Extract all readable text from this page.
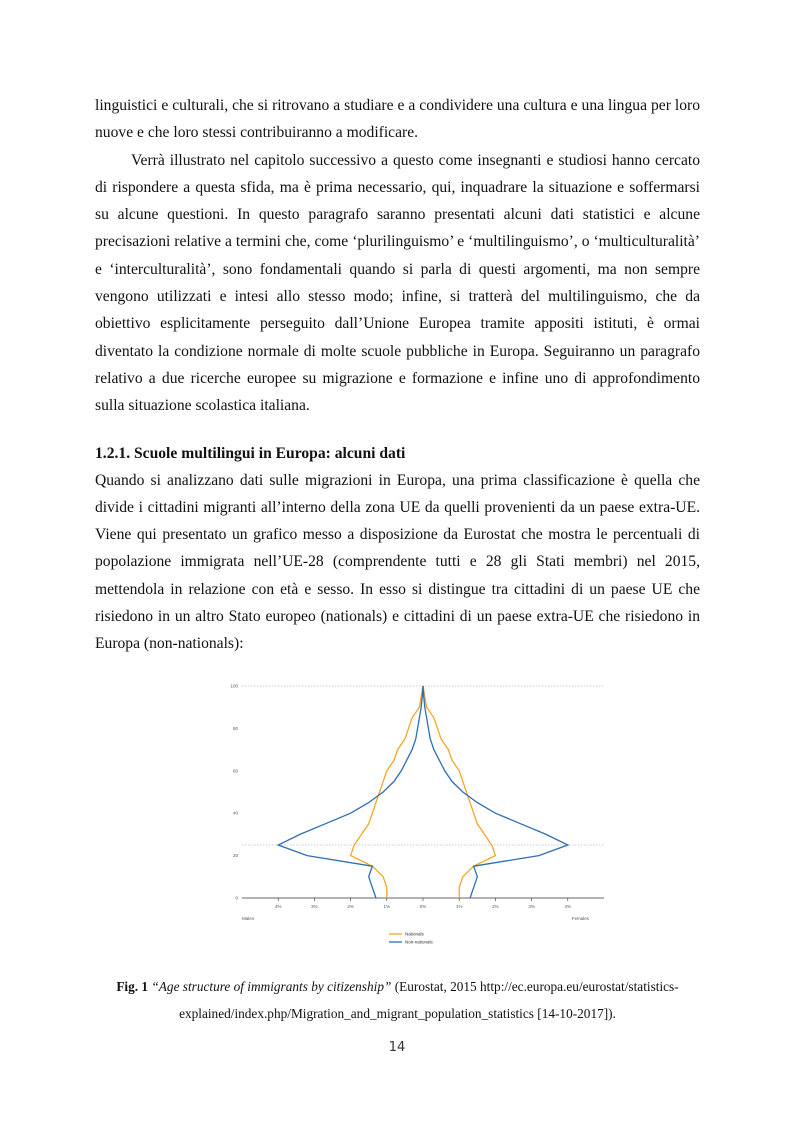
linguistici e culturali, che si ritrovano a studiare e a condividere una cultura e una lingua per loro nuove e che loro stessi contribuiranno a modificare.

Verrà illustrato nel capitolo successivo a questo come insegnanti e studiosi hanno cercato di rispondere a questa sfida, ma è prima necessario, qui, inquadrare la situazione e soffermarsi su alcune questioni. In questo paragrafo saranno presentati alcuni dati statistici e alcune precisazioni relative a termini che, come ‘plurilinguismo’ e ‘multilinguismo’, o ‘multiculturalità’ e ‘interculturalità’, sono fondamentali quando si parla di questi argomenti, ma non sempre vengono utilizzati e intesi allo stesso modo; infine, si tratterà del multilinguismo, che da obiettivo esplicitamente perseguito dall’Unione Europea tramite appositi istituti, è ormai diventato la condizione normale di molte scuole pubbliche in Europa. Seguiranno un paragrafo relativo a due ricerche europee su migrazione e formazione e infine uno di approfondimento sulla situazione scolastica italiana.

1.2.1. Scuole multilingui in Europa: alcuni dati

Quando si analizzano dati sulle migrazioni in Europa, una prima classificazione è quella che divide i cittadini migranti all’interno della zona UE da quelli provenienti da un paese extra-UE. Viene qui presentato un grafico messo a disposizione da Eurostat che mostra le percentuali di popolazione immigrata nell’UE-28 (comprendente tutti e 28 gli Stati membri) nel 2015, mettendola in relazione con età e sesso. In esso si distingue tra cittadini di un paese UE che risiedono in un altro Stato europeo (nationals) e cittadini di un paese extra-UE che risiedono in Europa (non-nationals):

4%	3%	2%	1%	0%	1%	2%	3%	4%
0
20
40
60
80
100
Males	Females
Nationals
Non-nationals
Fig. 1 “Age structure of immigrants by citizenship” (Eurostat, 2015 http://ec.europa.eu/eurostat/statistics-
explained/index.php/Migration_and_migrant_population_statistics [14-10-2017]).
14
